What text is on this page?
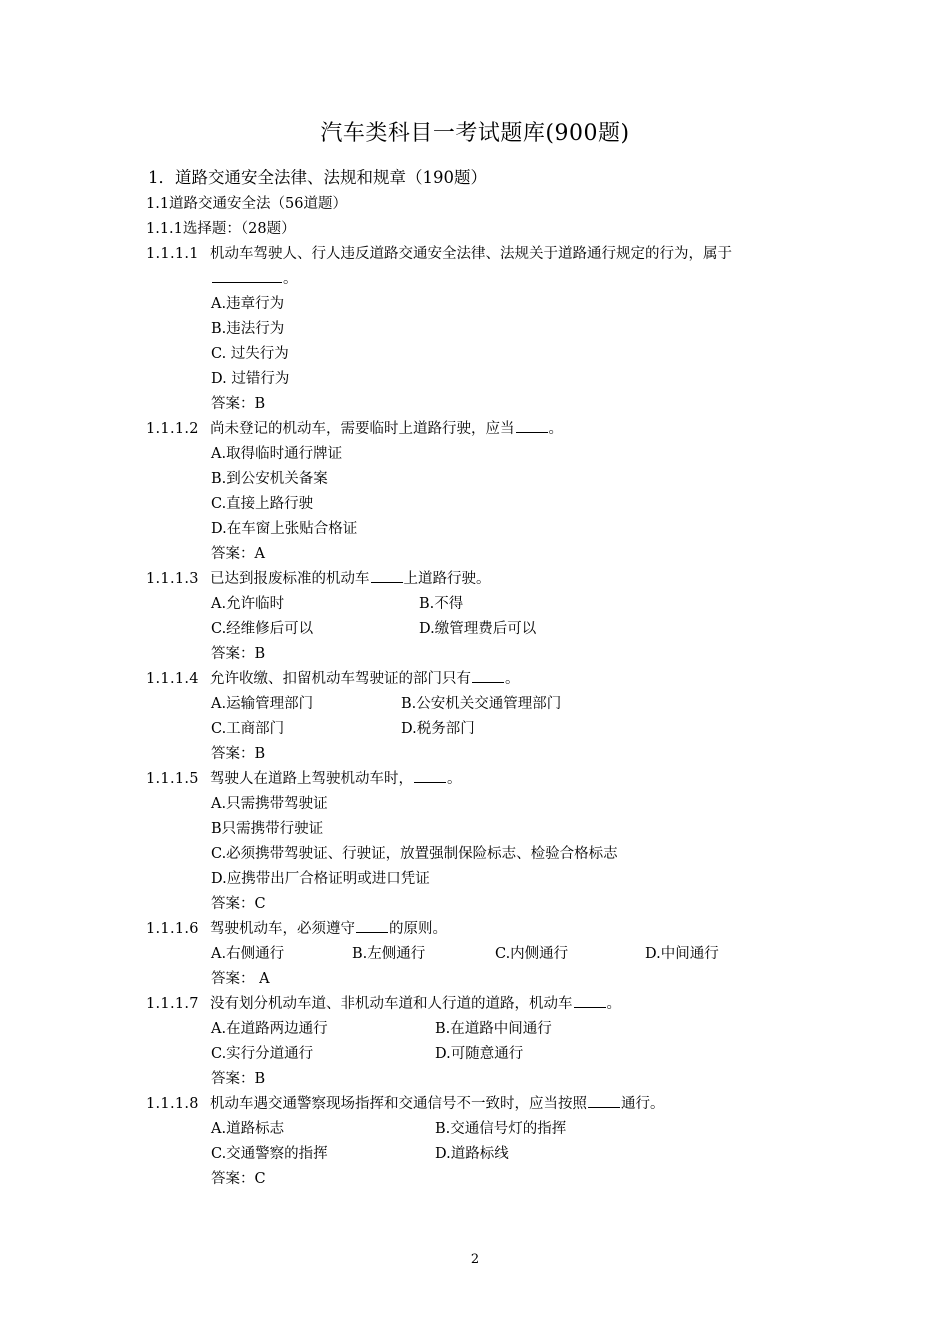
汽车类科目一考试题库(900题)
1．道路交通安全法律、法规和规章（190题）
1.1道路交通安全法（56道题）
1.1.1选择题：（28题）
1.1.1.1 机动车驾驶人、行人违反道路交通安全法律、法规关于道路通行规定的行为，属于
。
A.违章行为
B.违法行为
C. 过失行为
D. 过错行为
答案：B
1.1.1.2 尚未登记的机动车，需要临时上道路行驶，应当 。
A.取得临时通行牌证
B.到公安机关备案
C.直接上路行驶
D.在车窗上张贴合格证
答案：A
1.1.1.3 已达到报废标准的机动车 上道路行驶。
A.允许临时	B.不得
C.经维修后可以	D.缴管理费后可以
答案：B
1.1.1.4 允许收缴、扣留机动车驾驶证的部门只有 。
A.运输管理部门	B.公安机关交通管理部门
C.工商部门	D.税务部门
答案：B
1.1.1.5 驾驶人在道路上驾驶机动车时， 。
A.只需携带驾驶证
B只需携带行驶证
C.必须携带驾驶证、行驶证，放置强制保险标志、检验合格标志
D.应携带出厂合格证明或进口凭证
答案：C
1.1.1.6 驾驶机动车，必须遵守 的原则。
A.右侧通行	B.左侧通行	C.内侧通行	D.中间通行
答案： A
1.1.1.7 没有划分机动车道、非机动车道和人行道的道路，机动车 。
A.在道路两边通行	B.在道路中间通行
C.实行分道通行	D.可随意通行
答案：B
1.1.1.8 机动车遇交通警察现场指挥和交通信号不一致时，应当按照 通行。
A.道路标志	B.交通信号灯的指挥
C.交通警察的指挥	D.道路标线
答案：C
2
